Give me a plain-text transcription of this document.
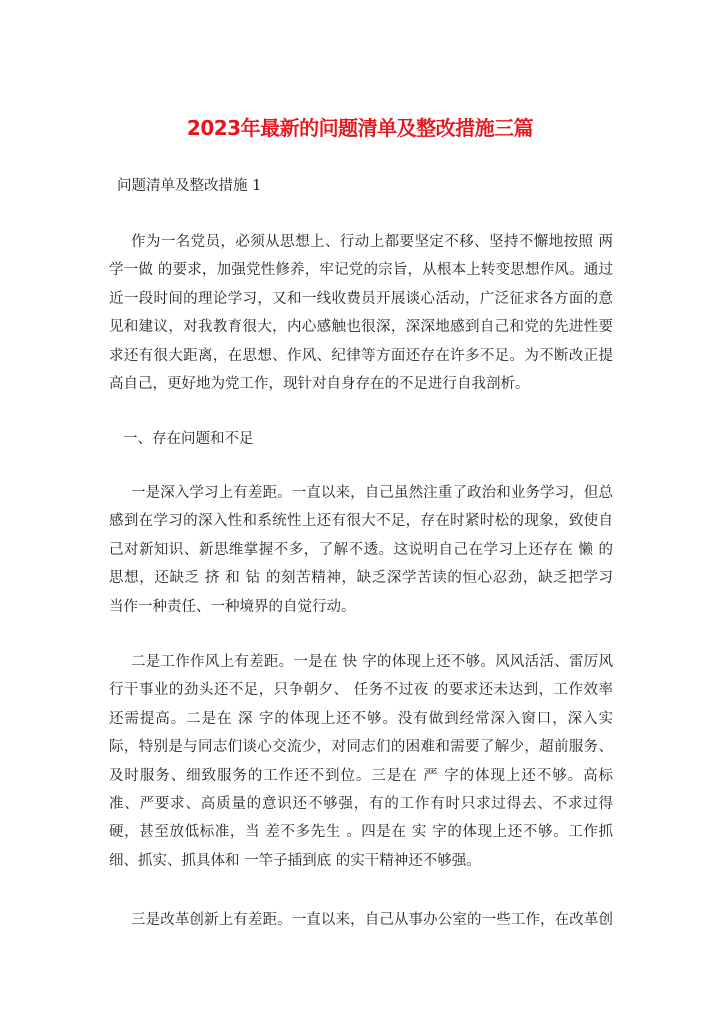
2023年最新的问题清单及整改措施三篇
问题清单及整改措施 1
作为一名党员，必须从思想上、行动上都要坚定不移、坚持不懈地按照 两
学一做 的要求，加强党性修养，牢记党的宗旨，从根本上转变思想作风。通过
近一段时间的理论学习，又和一线收费员开展谈心活动，广泛征求各方面的意
见和建议，对我教育很大，内心感触也很深，深深地感到自己和党的先进性要
求还有很大距离，在思想、作风、纪律等方面还存在许多不足。为不断改正提
高自己，更好地为党工作，现针对自身存在的不足进行自我剖析。
一、存在问题和不足
一是深入学习上有差距。一直以来，自己虽然注重了政治和业务学习，但总
感到在学习的深入性和系统性上还有很大不足，存在时紧时松的现象，致使自
己对新知识、新思维掌握不多，了解不透。这说明自己在学习上还存在 懒 的
思想，还缺乏 挤 和 钻 的刻苦精神，缺乏深学苦读的恒心忍劲，缺乏把学习
当作一种责任、一种境界的自觉行动。
二是工作作风上有差距。一是在 快 字的体现上还不够。风风活活、雷厉风
行干事业的劲头还不足，只争朝夕、 任务不过夜 的要求还未达到，工作效率
还需提高。二是在 深 字的体现上还不够。没有做到经常深入窗口，深入实
际，特别是与同志们谈心交流少，对同志们的困难和需要了解少，超前服务、
及时服务、细致服务的工作还不到位。三是在 严 字的体现上还不够。高标
准、严要求、高质量的意识还不够强，有的工作有时只求过得去、不求过得
硬，甚至放低标准，当 差不多先生 。四是在 实 字的体现上还不够。工作抓
细、抓实、抓具体和 一竿子插到底 的实干精神还不够强。
三是改革创新上有差距。一直以来，自己从事办公室的一些工作，在改革创
